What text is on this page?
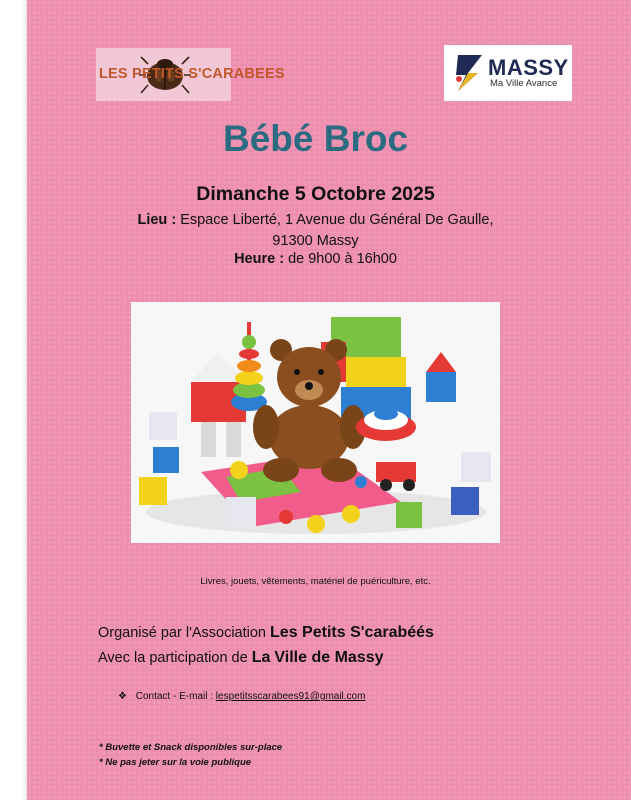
LES PETITS S'CARABEES	MASSY
Ma Ville Avance
Bébé Broc
Dimanche 5 Octobre 2025
Lieu : Espace Liberté, 1 Avenue du Général De Gaulle,
91300 Massy
Heure : de 9h00 à 16h00
Livres, jouets, vêtements, matériel de puériculture, etc.
Organisé par l'Association Les Petits S'carabéés
Avec la participation de La Ville de Massy
❖ Contact - E-mail : lespetitsscarabees91@gmail.com
* Buvette et Snack disponibles sur-place
* Ne pas jeter sur la voie publique
